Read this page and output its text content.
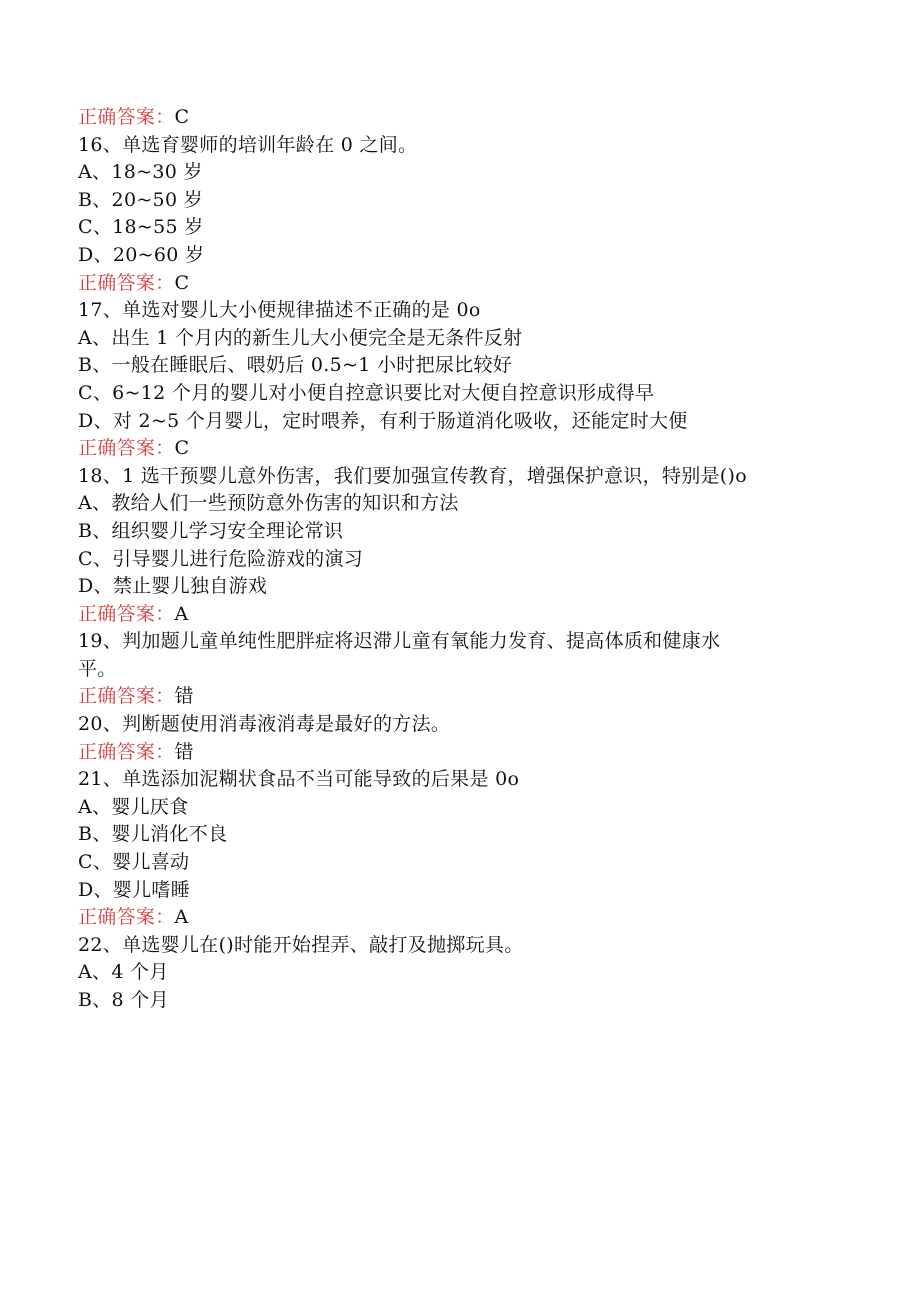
正确答案：C
16、单选育婴师的培训年龄在 0 之间。
A、18~30 岁
B、20~50 岁
C、18~55 岁
D、20~60 岁
正确答案：C
17、单选对婴儿大小便规律描述不正确的是 0o
A、出生 1 个月内的新生儿大小便完全是无条件反射
B、一般在睡眠后、喂奶后 0.5~1 小时把尿比较好
C、6~12 个月的婴儿对小便自控意识要比对大便自控意识形成得早
D、对 2~5 个月婴儿，定时喂养，有利于肠道消化吸收，还能定时大便
正确答案：C
18、1 选干预婴儿意外伤害，我们要加强宣传教育，增强保护意识，特别是()o
A、教给人们一些预防意外伤害的知识和方法
B、组织婴儿学习安全理论常识
C、引导婴儿进行危险游戏的演习
D、禁止婴儿独自游戏
正确答案：A
19、判加题儿童单纯性肥胖症将迟滞儿童有氧能力发育、提高体质和健康水
平。
正确答案：错
20、判断题使用消毒液消毒是最好的方法。
正确答案：错
21、单选添加泥糊状食品不当可能导致的后果是 0o
A、婴儿厌食
B、婴儿消化不良
C、婴儿喜动
D、婴儿嗜睡
正确答案：A
22、单选婴儿在()时能开始捏弄、敲打及抛掷玩具。
A、4 个月
B、8 个月
